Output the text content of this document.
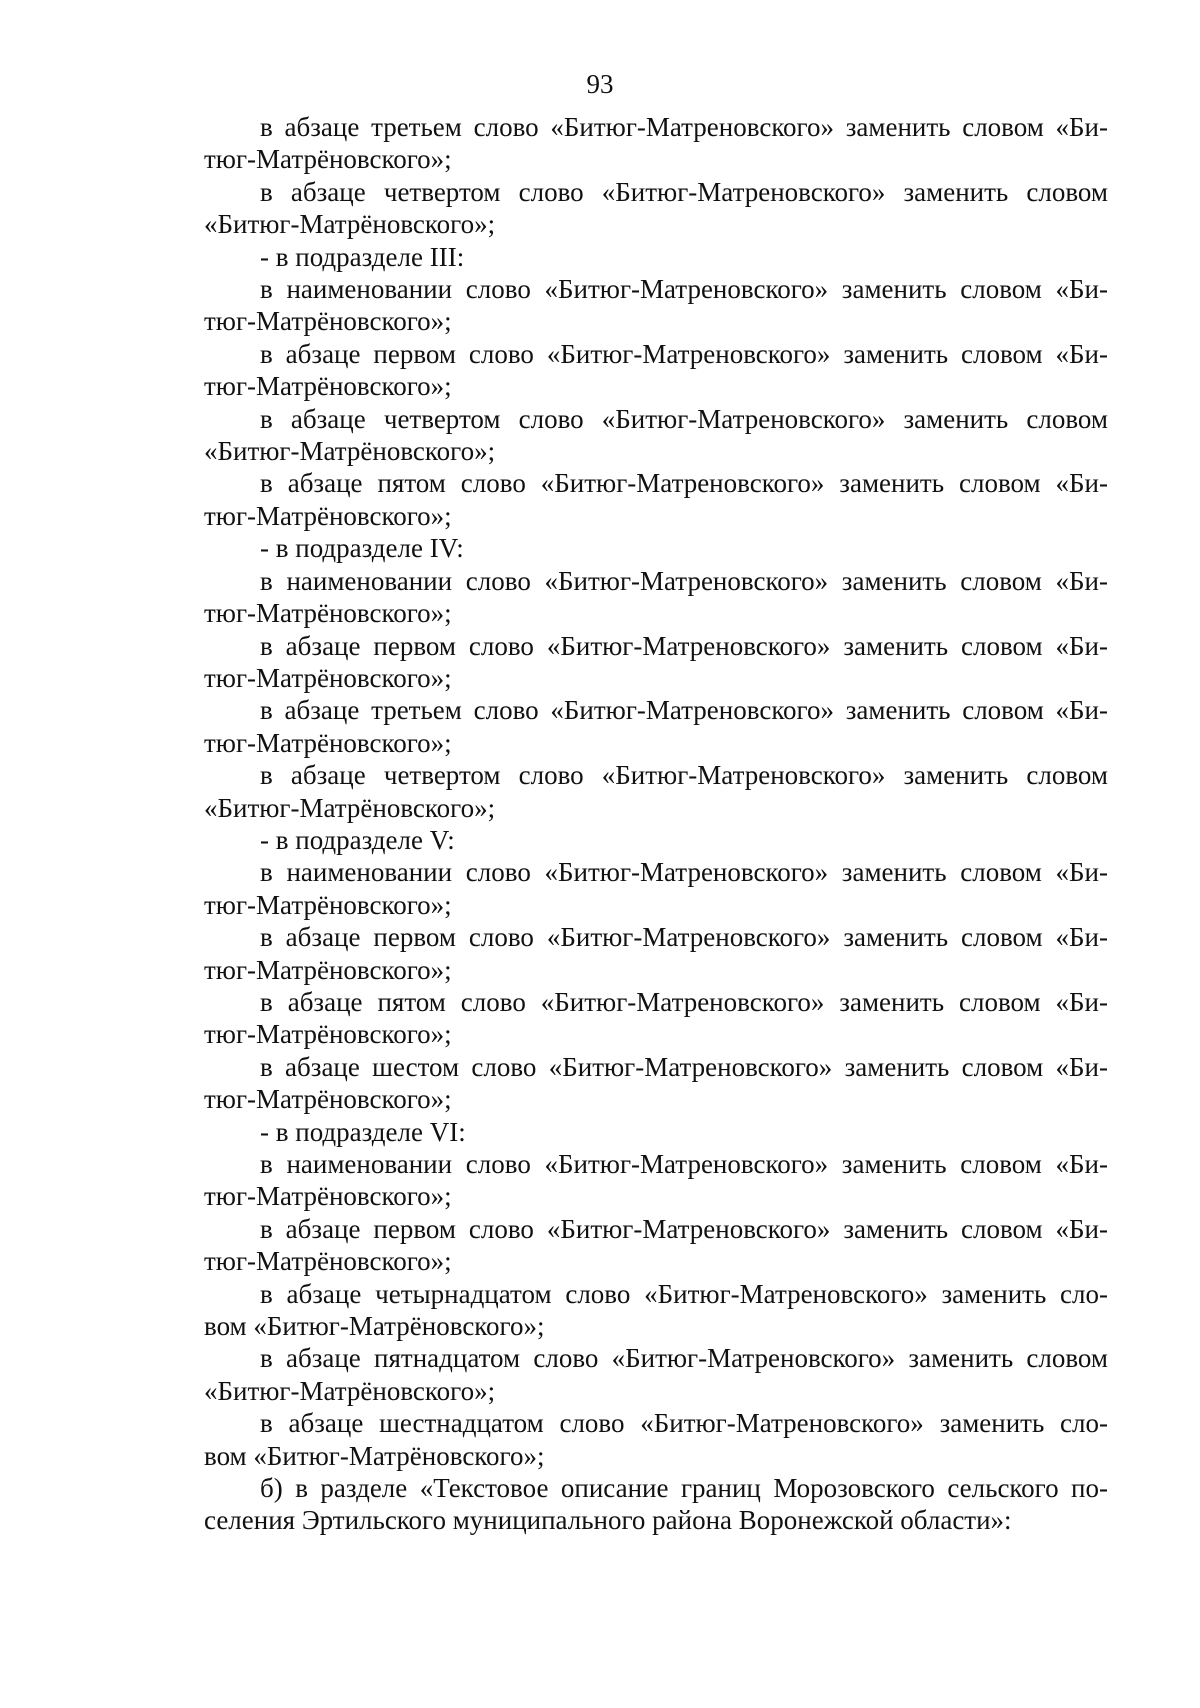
93
в абзаце третьем слово «Битюг-Матреновского» заменить словом «Би-
тюг-Матрёновского»;
в абзаце четвертом слово «Битюг-Матреновского» заменить словом
«Битюг-Матрёновского»;
- в подразделе III:
в наименовании слово «Битюг-Матреновского» заменить словом «Би-
тюг-Матрёновского»;
в абзаце первом слово «Битюг-Матреновского» заменить словом «Би-
тюг-Матрёновского»;
в абзаце четвертом слово «Битюг-Матреновского» заменить словом
«Битюг-Матрёновского»;
в абзаце пятом слово «Битюг-Матреновского» заменить словом «Би-
тюг-Матрёновского»;
- в подразделе IV:
в наименовании слово «Битюг-Матреновского» заменить словом «Би-
тюг-Матрёновского»;
в абзаце первом слово «Битюг-Матреновского» заменить словом «Би-
тюг-Матрёновского»;
в абзаце третьем слово «Битюг-Матреновского» заменить словом «Би-
тюг-Матрёновского»;
в абзаце четвертом слово «Битюг-Матреновского» заменить словом
«Битюг-Матрёновского»;
- в подразделе V:
в наименовании слово «Битюг-Матреновского» заменить словом «Би-
тюг-Матрёновского»;
в абзаце первом слово «Битюг-Матреновского» заменить словом «Би-
тюг-Матрёновского»;
в абзаце пятом слово «Битюг-Матреновского» заменить словом «Би-
тюг-Матрёновского»;
в абзаце шестом слово «Битюг-Матреновского» заменить словом «Би-
тюг-Матрёновского»;
- в подразделе VI:
в наименовании слово «Битюг-Матреновского» заменить словом «Би-
тюг-Матрёновского»;
в абзаце первом слово «Битюг-Матреновского» заменить словом «Би-
тюг-Матрёновского»;
в абзаце четырнадцатом слово «Битюг-Матреновского» заменить сло-
вом «Битюг-Матрёновского»;
в абзаце пятнадцатом слово «Битюг-Матреновского» заменить словом
«Битюг-Матрёновского»;
в абзаце шестнадцатом слово «Битюг-Матреновского» заменить сло-
вом «Битюг-Матрёновского»;
б) в разделе «Текстовое описание границ Морозовского сельского по-
селения Эртильского муниципального района Воронежской области»:
